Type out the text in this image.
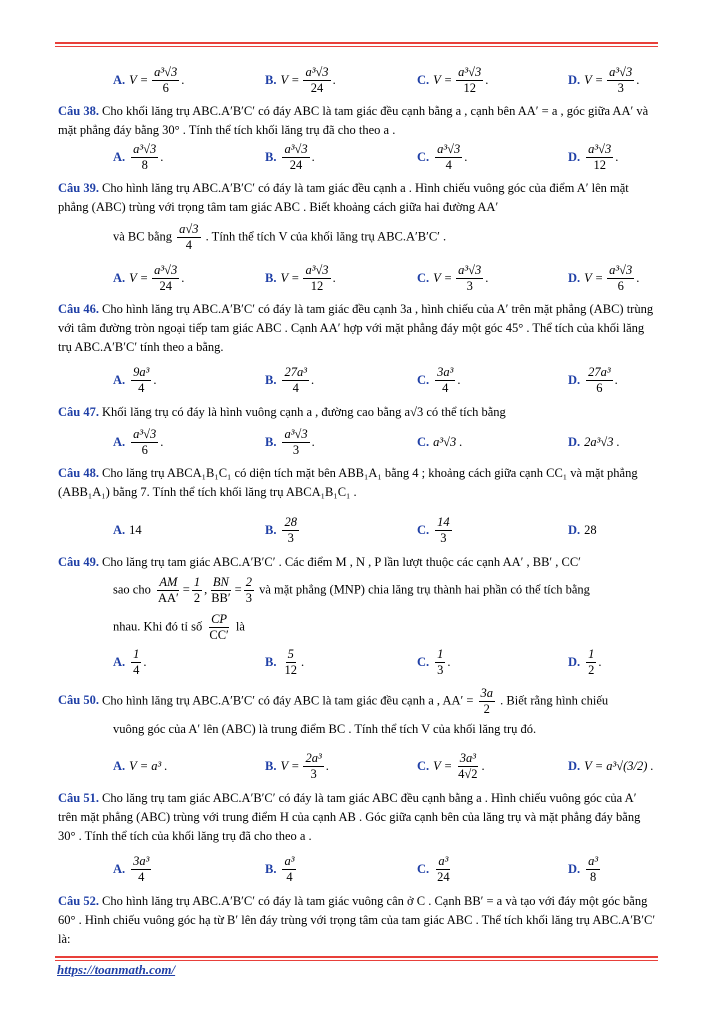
A. $V = \frac{\text{a³√3}}{6}$ .	B. $V = \frac{\text{a³√3}}{24}$ .	C. $V = \frac{\text{a³√3}}{12}$ .	D. $V = \frac{\text{a³√3}}{3}$ .
Câu 38. Cho khối lăng trụ ABC.A′B′C′ có đáy ABC là tam giác đều cạnh bằng a , cạnh bên AA′ = a , góc giữa AA′ và mặt phẳng đáy bằng 30° . Tính thể tích khối lăng trụ đã cho theo a .
A. $\frac{\text{a³√3}}{8}$ .	B. $\frac{\text{a³√3}}{24}$ .	C. $\frac{\text{a³√3}}{4}$ .	D. $\frac{\text{a³√3}}{12}$ .
Câu 39. Cho hình lăng trụ ABC.A′B′C′ có đáy là tam giác đều cạnh a . Hình chiếu vuông góc của điểm A′ lên mặt phẳng (ABC) trùng với trọng tâm tam giác ABC . Biết khoảng cách giữa hai đường AA′
và BC bằng $\frac{a√3}{4}$ . Tính thể tích V của khối lăng trụ ABC.A′B′C′ .
A. $V = \frac{\text{a³√3}}{24}$ .	B. $V = \frac{\text{a³√3}}{12}$ .	C. $V = \frac{\text{a³√3}}{3}$ .	D. $V = \frac{\text{a³√3}}{6}$ .
Câu 46. Cho hình lăng trụ ABC.A′B′C′ có đáy là tam giác đều cạnh 3a , hình chiếu của A′ trên mặt phẳng (ABC) trùng với tâm đường tròn ngoại tiếp tam giác ABC . Cạnh AA′ hợp với mặt phẳng đáy một góc 45° . Thể tích của khối lăng trụ ABC.A′B′C′ tính theo a bằng.
A. $\frac{\text{9a³}}{4}$ .	B. $\frac{\text{27a³}}{4}$ .	C. $\frac{\text{3a³}}{4}$ .	D. $\frac{\text{27a³}}{6}$ .
Câu 47. Khối lăng trụ có đáy là hình vuông cạnh a , đường cao bằng a√3 có thể tích bằng
A. $\frac{\text{a³√3}}{6}$ .	B. $\frac{\text{a³√3}}{3}$ .	C. a³√3 .	D. 2a³√3 .
Câu 48. Cho lăng trụ ABCA₁B₁C₁ có diện tích mặt bên ABB₁A₁ bằng 4 ; khoảng cách giữa cạnh CC₁ và mặt phẳng (ABB₁A₁) bằng 7. Tính thể tích khối lăng trụ ABCA₁B₁C₁ .
A. 14	B. $\frac{28}{3}$	C. $\frac{14}{3}$	D. 28
Câu 49. Cho lăng trụ tam giác ABC.A′B′C′ . Các điểm M , N , P lần lượt thuộc các cạnh AA′ , BB′ , CC′
sao cho $\frac{AM}{AA'} = \frac{1}{2}$ , $\frac{BN}{BB'} = \frac{2}{3}$ và mặt phẳng (MNP) chia lăng trụ thành hai phần có thể tích bằng
nhau. Khi đó tỉ số $\frac{CP}{CC'}$ là
A. $\frac{1}{4}$ .	B. $\frac{5}{12}$ .	C. $\frac{1}{3}$ .	D. $\frac{1}{2}$ .
Câu 50. Cho hình lăng trụ ABC.A′B′C′ có đáy ABC là tam giác đều cạnh a , $AA' = \frac{3a}{2}$ . Biết rằng hình chiếu
vuông góc của A′ lên (ABC) là trung điểm BC . Tính thể tích V của khối lăng trụ đó.
A. V = a³ .	B. $V = \frac{\text{2a³}}{3}$ .	C. $V = \frac{\text{3a³}}{4√2}$ .	D. V = a³√(3/2) .
Câu 51. Cho lăng trụ tam giác ABC.A′B′C′ có đáy là tam giác ABC đều cạnh bằng a . Hình chiếu vuông góc của A′ trên mặt phẳng (ABC) trùng với trung điểm H của cạnh AB . Góc giữa cạnh bên của lăng trụ và mặt phẳng đáy bằng 30° . Tính thể tích của khối lăng trụ đã cho theo a .
A. $\frac{\text{3a³}}{4}$	B. $\frac{\text{a³}}{4}$	C. $\frac{\text{a³}}{24}$	D. $\frac{\text{a³}}{8}$
Câu 52. Cho hình lăng trụ ABC.A′B′C′ có đáy là tam giác vuông cân ở C . Cạnh BB′ = a và tạo với đáy một góc bằng 60° . Hình chiếu vuông góc hạ từ B′ lên đáy trùng với trọng tâm của tam giác ABC . Thể tích khối lăng trụ ABC.A′B′C′ là:
https://toanmath.com/
